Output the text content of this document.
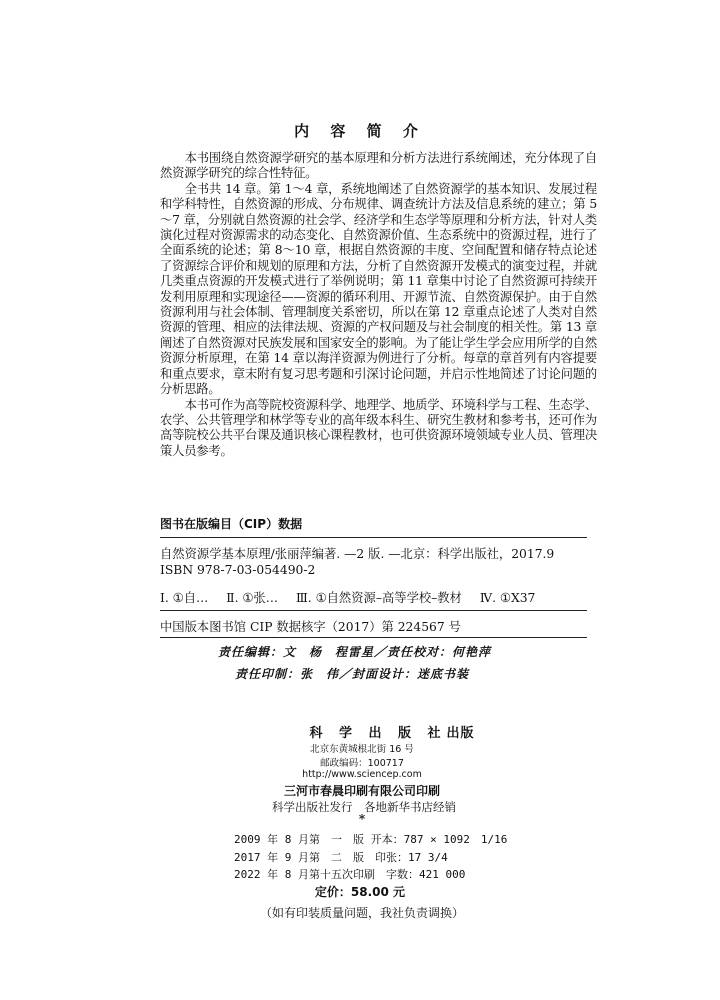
内 容 简 介

本书围绕自然资源学研究的基本原理和分析方法进行系统阐述，充分体现了自然资源学研究的综合性特征。

全书共 14 章。第 1～4 章，系统地阐述了自然资源学的基本知识、发展过程和学科特性，自然资源的形成、分布规律、调查统计方法及信息系统的建立；第 5～7 章，分别就自然资源的社会学、经济学和生态学等原理和分析方法，针对人类演化过程对资源需求的动态变化、自然资源价值、生态系统中的资源过程，进行了全面系统的论述；第 8～10 章，根据自然资源的丰度、空间配置和储存特点论述了资源综合评价和规划的原理和方法，分析了自然资源开发模式的演变过程，并就几类重点资源的开发模式进行了举例说明；第 11 章集中讨论了自然资源可持续开发利用原理和实现途径——资源的循环利用、开源节流、自然资源保护。由于自然资源利用与社会体制、管理制度关系密切，所以在第 12 章重点论述了人类对自然资源的管理、相应的法律法规、资源的产权问题及与社会制度的相关性。第 13 章阐述了自然资源对民族发展和国家安全的影响。为了能让学生学会应用所学的自然资源分析原理，在第 14 章以海洋资源为例进行了分析。每章的章首列有内容提要和重点要求，章末附有复习思考题和引深讨论问题，并启示性地简述了讨论问题的分析思路。

本书可作为高等院校资源科学、地理学、地质学、环境科学与工程、生态学、农学、公共管理学和林学等专业的高年级本科生、研究生教材和参考书，还可作为高等院校公共平台课及通识核心课程教材，也可供资源环境领域专业人员、管理决策人员参考。

图书在版编目（CIP）数据
自然资源学基本原理/张丽萍编著. —2 版. —北京：科学出版社，2017.9
ISBN 978-7-03-054490-2
Ⅰ. ①自… Ⅱ. ①张… Ⅲ. ①自然资源–高等学校–教材 Ⅳ. ①X37
中国版本图书馆 CIP 数据核字（2017）第 224567 号
责任编辑：文　杨　程雷星／责任校对：何艳萍
责任印制：张　伟／封面设计：迷底书装
科 学 出 版 社出版
北京东黄城根北街 16 号
邮政编码：100717
http://www.sciencep.com
三河市春晨印刷有限公司印刷
科学出版社发行　各地新华书店经销
*
2009 年 8 月第　一　版 开本：787 × 1092　1/16
2017 年 9 月第　二　版　印张：17 3/4
2022 年 8 月第十五次印刷　字数：421 000
定价：58.00 元
（如有印装质量问题，我社负责调换）
